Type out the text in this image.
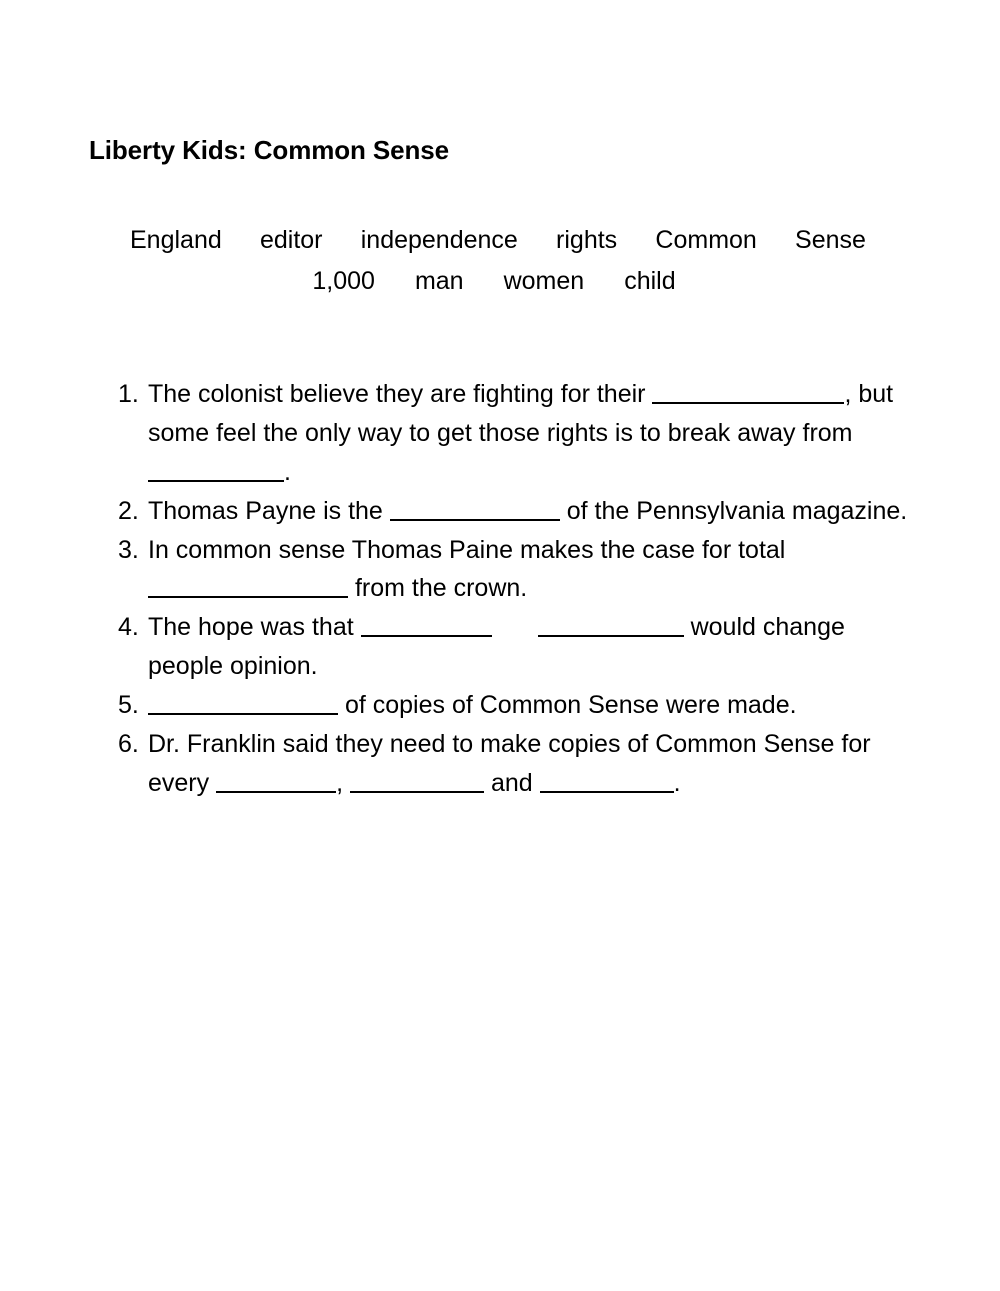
Liberty Kids: Common Sense
England editor independence rights Common Sense
1,000 man women child
1. The colonist believe they are fighting for their	, but some feel the only way to get those rights is to break away from .
2. Thomas Payne is the	of the Pennsylvania magazine.
3. In common sense Thomas Paine makes the case for total from the crown.
4. The hope was that	would change people opinion.
5.	of copies of Common Sense were made.
6. Dr. Franklin said they need to make copies of Common Sense for every	,	and	.
